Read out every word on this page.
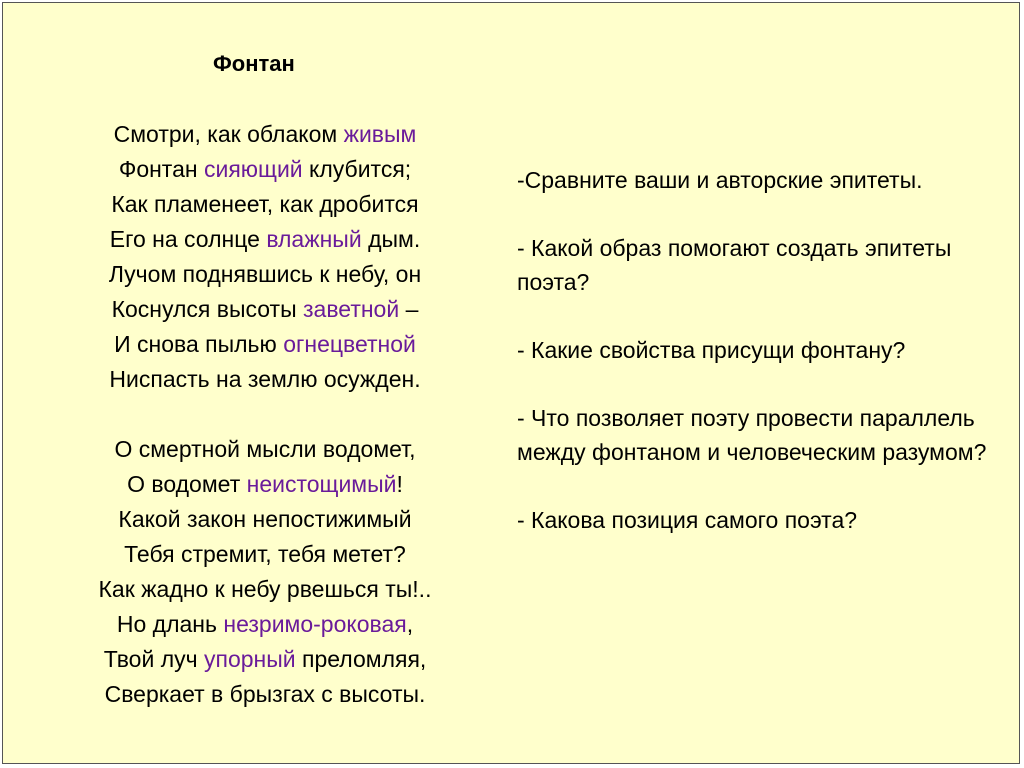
Фонтан
Смотри, как облаком живым
Фонтан сияющий клубится;
Как пламенеет, как дробится
Его на солнце влажный дым.
Лучом поднявшись к небу, он
Коснулся высоты заветной –
И снова пылью огнецветной
Ниспасть на землю осужден.
О смертной мысли водомет,
О водомет неистощимый!
Какой закон непостижимый
Тебя стремит, тебя метет?
Как жадно к небу рвешься ты!..
Но длань незримо-роковая,
Твой луч упорный преломляя,
Сверкает в брызгах с высоты.
-Сравните ваши и авторские эпитеты.
- Какой образ помогают создать эпитеты поэта?
- Какие свойства присущи фонтану?
- Что позволяет поэту провести параллель между фонтаном и человеческим разумом?
- Какова позиция самого поэта?
